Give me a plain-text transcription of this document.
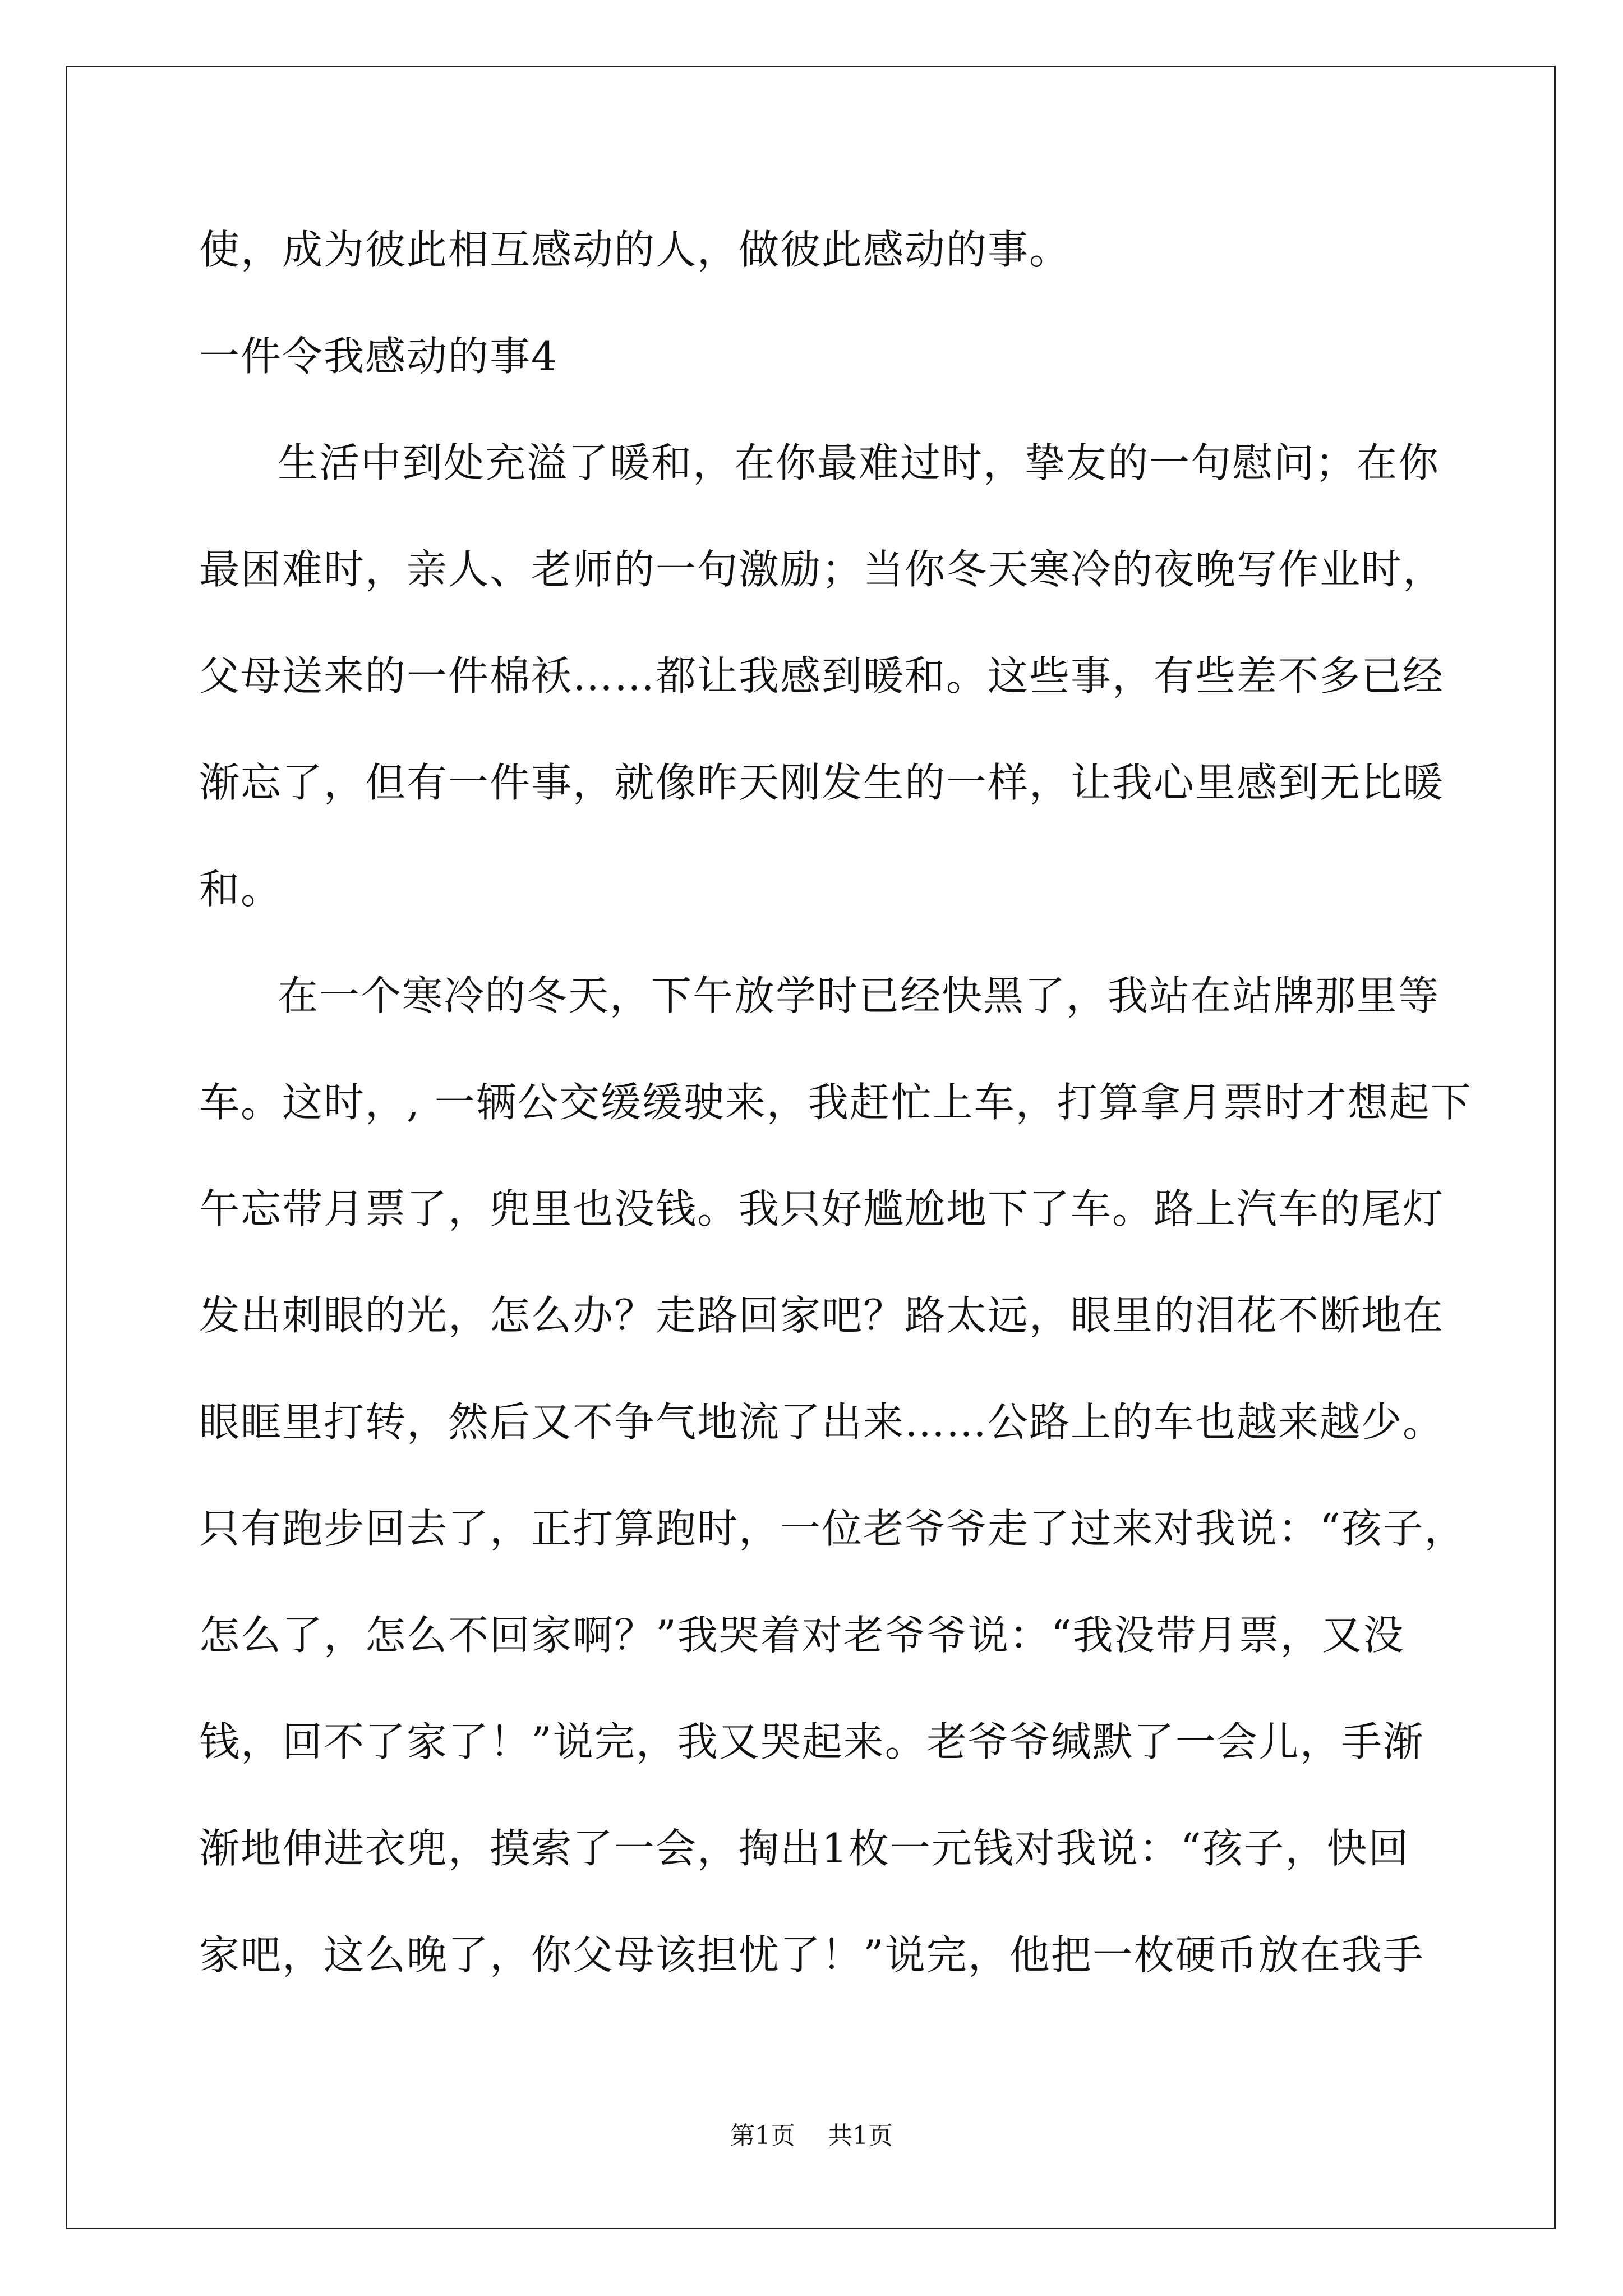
使，成为彼此相互感动的人，做彼此感动的事。
一件令我感动的事4
生活中到处充溢了暖和，在你最难过时，挚友的一句慰问；在你
最困难时，亲人、老师的一句激励；当你冬天寒冷的夜晚写作业时，
父母送来的一件棉袄……都让我感到暖和。这些事，有些差不多已经
渐忘了，但有一件事，就像昨天刚发生的一样，让我心里感到无比暖
和。
在一个寒冷的冬天，下午放学时已经快黑了，我站在站牌那里等
车。这时，, 一辆公交缓缓驶来，我赶忙上车，打算拿月票时才想起下
午忘带月票了，兜里也没钱。我只好尴尬地下了车。路上汽车的尾灯
发出刺眼的光，怎么办？走路回家吧？路太远，眼里的泪花不断地在
眼眶里打转，然后又不争气地流了出来……公路上的车也越来越少。
只有跑步回去了，正打算跑时，一位老爷爷走了过来对我说：“孩子，
怎么了，怎么不回家啊？”我哭着对老爷爷说：“我没带月票，又没
钱，回不了家了！”说完，我又哭起来。老爷爷缄默了一会儿，手渐
渐地伸进衣兜，摸索了一会，掏出1枚一元钱对我说：“孩子，快回
家吧，这么晚了，你父母该担忧了！”说完，他把一枚硬币放在我手
第1页 共1页
